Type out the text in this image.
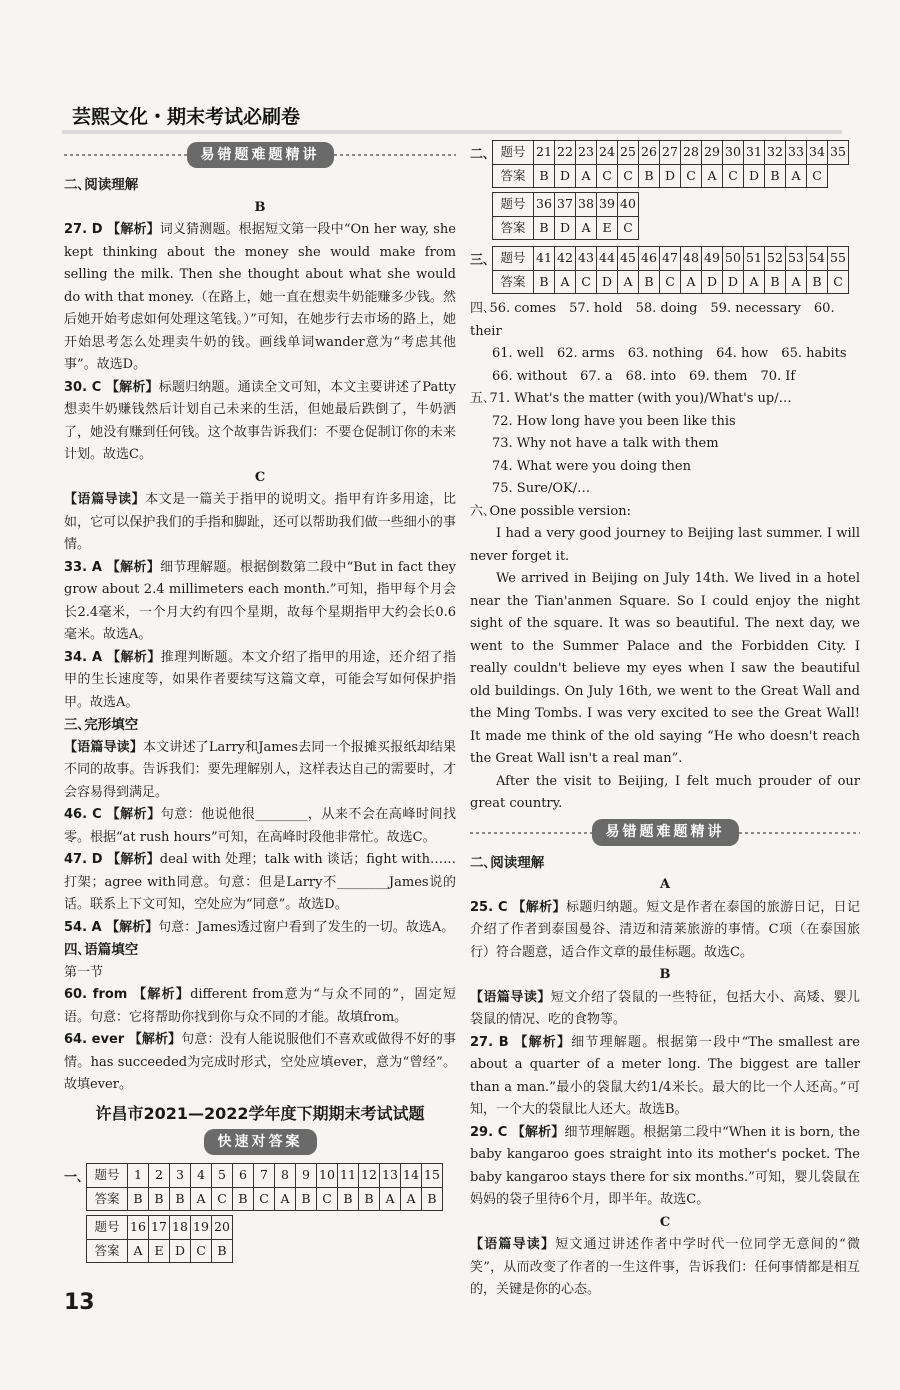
芸熙文化・期末考试必刷卷
易错题难题精讲
二､阅读理解
B
27. D 【解析】词义猜测题。根据短文第一段中“On her way, she kept thinking about the money she would make from selling the milk. Then she thought about what she would do with that money.（在路上，她一直在想卖牛奶能赚多少钱。然后她开始考虑如何处理这笔钱。）”可知，在她步行去市场的路上，她开始思考怎么处理卖牛奶的钱。画线单词wander意为“考虑其他事”。故选D。
30. C 【解析】标题归纳题。通读全文可知，本文主要讲述了Patty想卖牛奶赚钱然后计划自己未来的生活，但她最后跌倒了，牛奶洒了，她没有赚到任何钱。这个故事告诉我们：不要仓促制订你的未来计划。故选C。
C
【语篇导读】本文是一篇关于指甲的说明文。指甲有许多用途，比如，它可以保护我们的手指和脚趾，还可以帮助我们做一些细小的事情。
33. A 【解析】细节理解题。根据倒数第二段中“But in fact they grow about 2.4 millimeters each month.”可知，指甲每个月会长2.4毫米，一个月大约有四个星期，故每个星期指甲大约会长0.6毫米。故选A。
34. A 【解析】推理判断题。本文介绍了指甲的用途，还介绍了指甲的生长速度等，如果作者要续写这篇文章，可能会写如何保护指甲。故选A。
三､完形填空
【语篇导读】本文讲述了Larry和James去同一个报摊买报纸却结果不同的故事。告诉我们：要先理解别人，这样表达自己的需要时，才会容易得到满足。
46. C 【解析】句意：他说他很________，从来不会在高峰时间找零。根据“at rush hours”可知，在高峰时段他非常忙。故选C。
47. D 【解析】deal with 处理；talk with 谈话；fight with……打架；agree with同意。句意：但是Larry不________James说的话。联系上下文可知，空处应为“同意”。故选D。
54. A 【解析】句意：James透过窗户看到了发生的一切。故选A。
四､语篇填空
第一节
60. from 【解析】different from意为“与众不同的”，固定短语。句意：它将帮助你找到你与众不同的才能。故填from。
64. ever 【解析】句意：没有人能说服他们不喜欢或做得不好的事情。has succeeded为完成时形式，空处应填ever，意为“曾经”。故填ever。
许昌市2021—2022学年度下期期末考试试题
快速对答案
一､ 题号	1	2	3	4	5	6	7	8	9	10	11	12	13	14	15
答案	B	B	B	A	C	B	C	A	B	C	B	B	A	A	B
题号	16	17	18	19	20
答案	A	E	D	C	B
二､ 题号	21	22	23	24	25	26	27	28	29	30	31	32	33	34	35
答案	B	D	A	C	C	B	D	C	A	C	D	B	A	C	
题号	36	37	38	39	40
答案	B	D	A	E	C
三､ 题号	41	42	43	44	45	46	47	48	49	50	51	52	53	54	55
答案	B	A	C	D	A	B	C	A	D	D	A	B	A	B	C
四､56. comes　57. hold　58. doing　59. necessary　60. their
61. well　62. arms　63. nothing　64. how　65. habits
66. without　67. a　68. into　69. them　70. If
五､71. What's the matter (with you)/What's up/…
72. How long have you been like this
73. Why not have a talk with them
74. What were you doing then
75. Sure/OK/…
六､One possible version:
I had a very good journey to Beijing last summer. I will never forget it.
We arrived in Beijing on July 14th. We lived in a hotel near the Tian'anmen Square. So I could enjoy the night sight of the square. It was so beautiful. The next day, we went to the Summer Palace and the Forbidden City. I really couldn't believe my eyes when I saw the beautiful old buildings. On July 16th, we went to the Great Wall and the Ming Tombs. I was very excited to see the Great Wall! It made me think of the old saying “He who doesn't reach the Great Wall isn't a real man”.
After the visit to Beijing, I felt much prouder of our great country.
易错题难题精讲
二､阅读理解
A
25. C 【解析】标题归纳题。短文是作者在泰国的旅游日记，日记介绍了作者到泰国曼谷、清迈和清莱旅游的事情。C项（在泰国旅行）符合题意，适合作文章的最佳标题。故选C。
B
【语篇导读】短文介绍了袋鼠的一些特征，包括大小、高矮、婴儿袋鼠的情况、吃的食物等。
27. B 【解析】细节理解题。根据第一段中“The smallest are about a quarter of a meter long. The biggest are taller than a man.”最小的袋鼠大约1/4米长。最大的比一个人还高。”可知，一个大的袋鼠比人还大。故选B。
29. C 【解析】细节理解题。根据第二段中“When it is born, the baby kangaroo goes straight into its mother's pocket. The baby kangaroo stays there for six months.”可知，婴儿袋鼠在妈妈的袋子里待6个月，即半年。故选C。
C
【语篇导读】短文通过讲述作者中学时代一位同学无意间的“微笑”，从而改变了作者的一生这件事，告诉我们：任何事情都是相互的，关键是你的心态。
13
